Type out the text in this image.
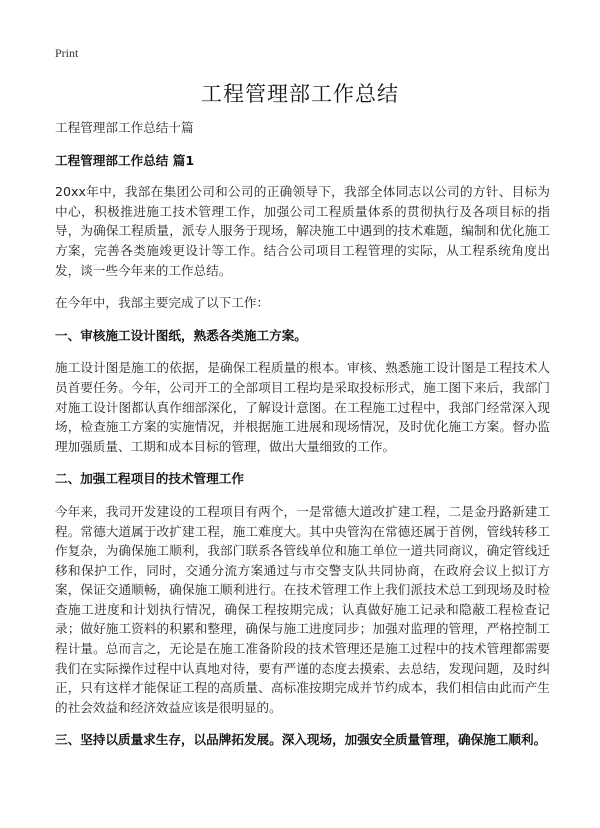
Print
工程管理部工作总结

工程管理部工作总结十篇

工程管理部工作总结 篇1

20xx年中，我部在集团公司和公司的正确领导下，我部全体同志以公司的方针、目标为中心，积极推进施工技术管理工作，加强公司工程质量体系的贯彻执行及各项目标的指导，为确保工程质量，派专人服务于现场，解决施工中遇到的技术难题，编制和优化施工方案，完善各类施竣更设计等工作。结合公司项目工程管理的实际，从工程系统角度出发，谈一些今年来的工作总结。

在今年中，我部主要完成了以下工作：

一、审核施工设计图纸，熟悉各类施工方案。

施工设计图是施工的依据，是确保工程质量的根本。审核、熟悉施工设计图是工程技术人员首要任务。今年，公司开工的全部项目工程均是采取投标形式，施工图下来后，我部门对施工设计图都认真作细部深化，了解设计意图。在工程施工过程中，我部门经常深入现场，检查施工方案的实施情况，并根据施工进展和现场情况，及时优化施工方案。督办监理加强质量、工期和成本目标的管理，做出大量细致的工作。

二、加强工程项目的技术管理工作

今年来，我司开发建设的工程项目有两个，一是常德大道改扩建工程，二是金丹路新建工程。常德大道属于改扩建工程，施工难度大。其中央管沟在常德还属于首例，管线转移工作复杂，为确保施工顺利，我部门联系各管线单位和施工单位一道共同商议，确定管线迁移和保护工作，同时，交通分流方案通过与市交警支队共同协商，在政府会议上拟订方案，保证交通顺畅，确保施工顺利进行。在技术管理工作上我们派技术总工到现场及时检查施工进度和计划执行情况，确保工程按期完成；认真做好施工记录和隐蔽工程检查记录；做好施工资料的积累和整理，确保与施工进度同步；加强对监理的管理，严格控制工程计量。总而言之，无论是在施工准备阶段的技术管理还是施工过程中的技术管理都需要我们在实际操作过程中认真地对待，要有严谨的态度去摸索、去总结，发现问题，及时纠正，只有这样才能保证工程的高质量、高标准按期完成并节约成本，我们相信由此而产生的社会效益和经济效益应该是很明显的。

三、坚持以质量求生存，以品牌拓发展。深入现场，加强安全质量管理，确保施工顺利。
